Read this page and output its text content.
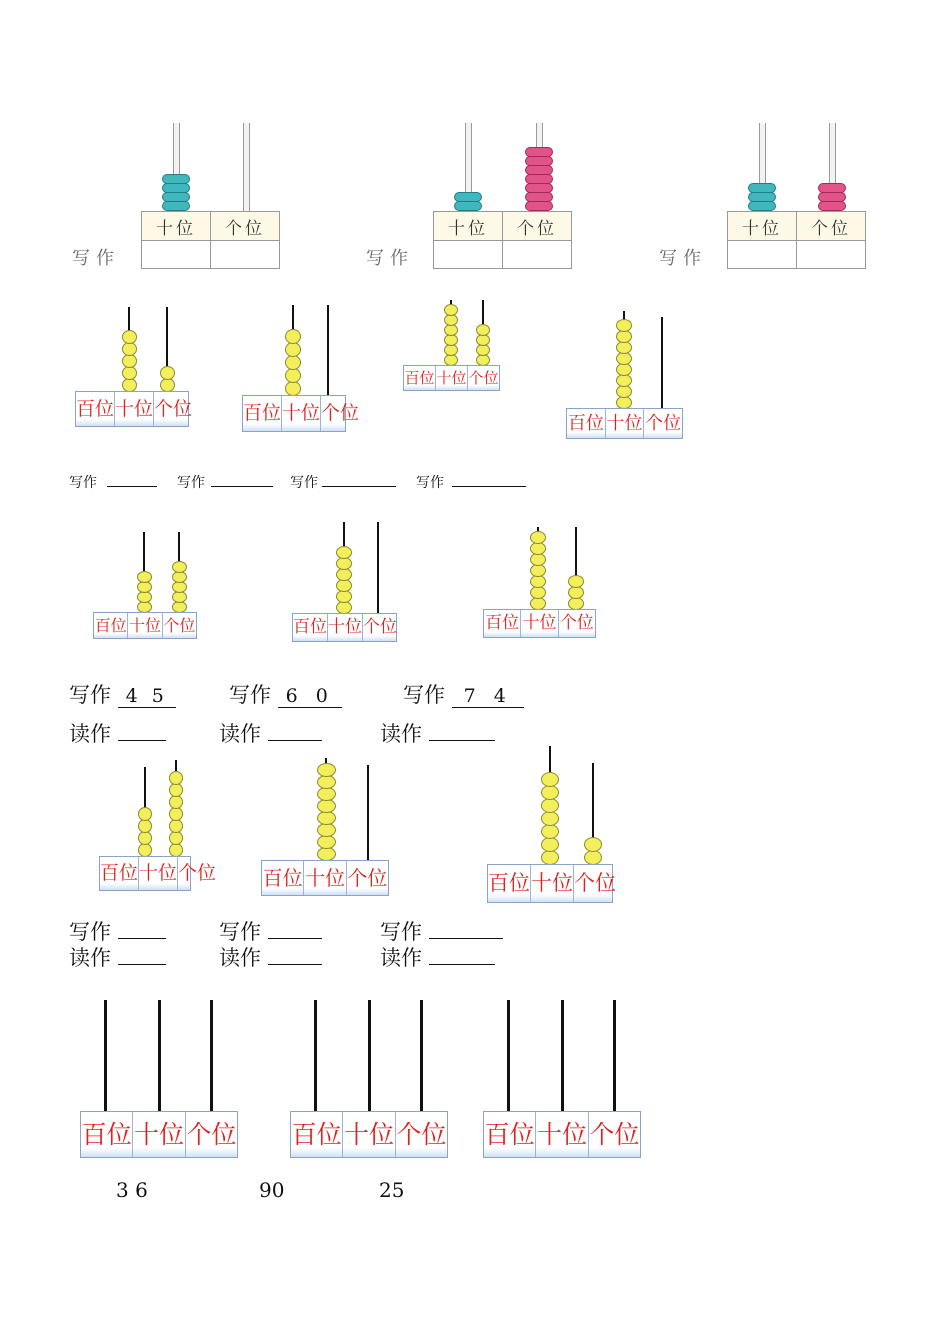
十位	个位

写作
十位	个位

写作
十位	个位

写作
百位 十位 个位	百位 十位 个位
百位 十位 个位
百位 十位 个位
百位 十位 个位	百位 十位 个位	百位 十位 个位
百位 十位 个位 百位 十位 个位	百位 十位 个位
百位 十位 个位 百位 十位 个位 百位 十位 个位
写作	写作	写作	写作
写作 4 5	写作 6 0	写作 7 4
读作	读作	读作
写作	写作	写作
读作	读作	读作
3 6	90	25
